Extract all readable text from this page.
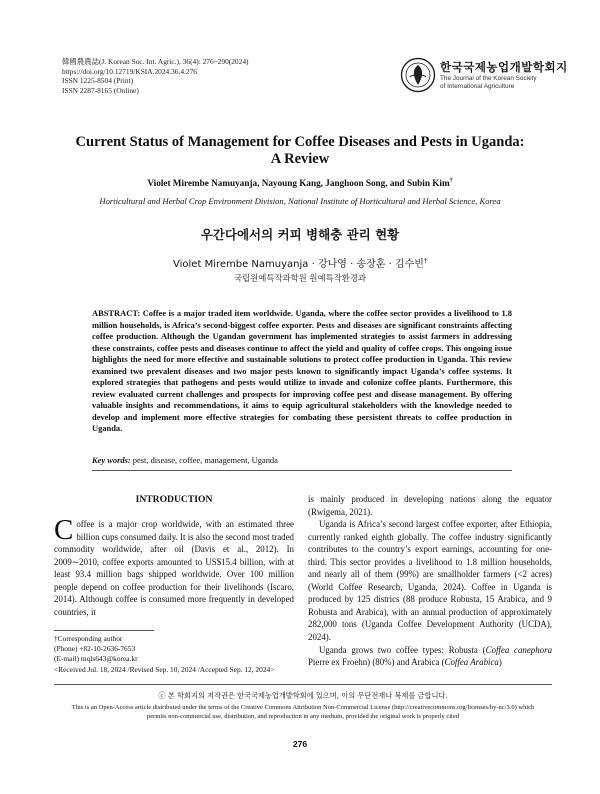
韓國農農誌(J. Korean Soc. Int. Agric.), 36(4): 276~290(2024)
https://doi.org/10.12719/KSIA.2024.36.4.276
ISSN 1225-8504 (Print)
ISSN 2287-8165 (Online)
한국국제농업개발학회지
The Journal of the Korean Society
of International Agriculture
Current Status of Management for Coffee Diseases and Pests in Uganda:
A Review
Violet Mirembe Namuyanja, Nayoung Kang, Janghoon Song, and Subin Kim†
Horticultural and Herbal Crop Environment Division, National Institute of Horticultural and Herbal Science, Korea
우간다에서의 커피 병해충 관리 현황
Violet Mirembe Namuyanja · 강나영 · 송장훈 · 김수빈†
국립원예특작과학원 원예특작환경과
ABSTRACT: Coffee is a major traded item worldwide. Uganda, where the coffee sector provides a livelihood to 1.8 million households, is Africa’s second-biggest coffee exporter. Pests and diseases are significant constraints affecting coffee production. Although the Ugandan government has implemented strategies to assist farmers in addressing these constraints, coffee pests and diseases continue to affect the yield and quality of coffee crops. This ongoing issue highlights the need for more effective and sustainable solutions to protect coffee production in Uganda. This review examined two prevalent diseases and two major pests known to significantly impact Uganda’s coffee systems. It explored strategies that pathogens and pests would utilize to invade and colonize coffee plants. Furthermore, this review evaluated current challenges and prospects for improving coffee pest and disease management. By offering valuable insights and recommendations, it aims to equip agricultural stakeholders with the knowledge needed to develop and implement more effective strategies for combating these persistent threats to coffee production in Uganda.
Key words: pest, disease, coffee, management, Uganda
INTRODUCTION

Coffee is a major crop worldwide, with an estimated three billion cups consumed daily. It is also the second most traded commodity worldwide, after oil (Davis et al., 2012). In 2009∼2010, coffee exports amounted to US$15.4 billion, with at least 93.4 million bags shipped worldwide. Over 100 million people depend on coffee production for their livelihoods (Iscaro, 2014). Although coffee is consumed more frequently in developed countries, it

is mainly produced in developing nations along the equator (Rwigema, 2021).

Uganda is Africa’s second largest coffee exporter, after Ethiopia, currently ranked eighth globally. The coffee industry significantly contributes to the country’s export earnings, accounting for one-third. This sector provides a livelihood to 1.8 million households, and nearly all of them (99%) are smallholder farmers (<2 acres) (World Coffee Research, Uganda, 2024). Coffee in Uganda is produced by 125 districs (88 produce Robusta, 15 Arabica, and 9 Robusta and Arabica), with an annual production of approximately 282,000 tons (Uganda Coffee Development Authority (UCDA), 2024).

Uganda grows two coffee types: Robusta (Coffea canephora Pierre ex Froehn) (80%) and Arabica (Coffea Arabica)

†Corresponding author
(Phone) +82-10-2636-7653
(E-mail) tnqls643@korea.kr
<Received Jul. 18, 2024 /Revised Sep. 10, 2024 /Accepted Sep. 12, 2024>
ⓒ 본 학회지의 저작권은 한국국제농업개발학회에 있으며, 이의 무단전재나 복제를 금합니다.
This is an Open-Access article distributed under the terms of the Creative Commons Attribution Non-Commercial License (http://creativecommons.org/licenses/by-nc/3.0) which
permits non-commercial use, distribution, and reproduction in any medium, provided the original work is properly cited
276
